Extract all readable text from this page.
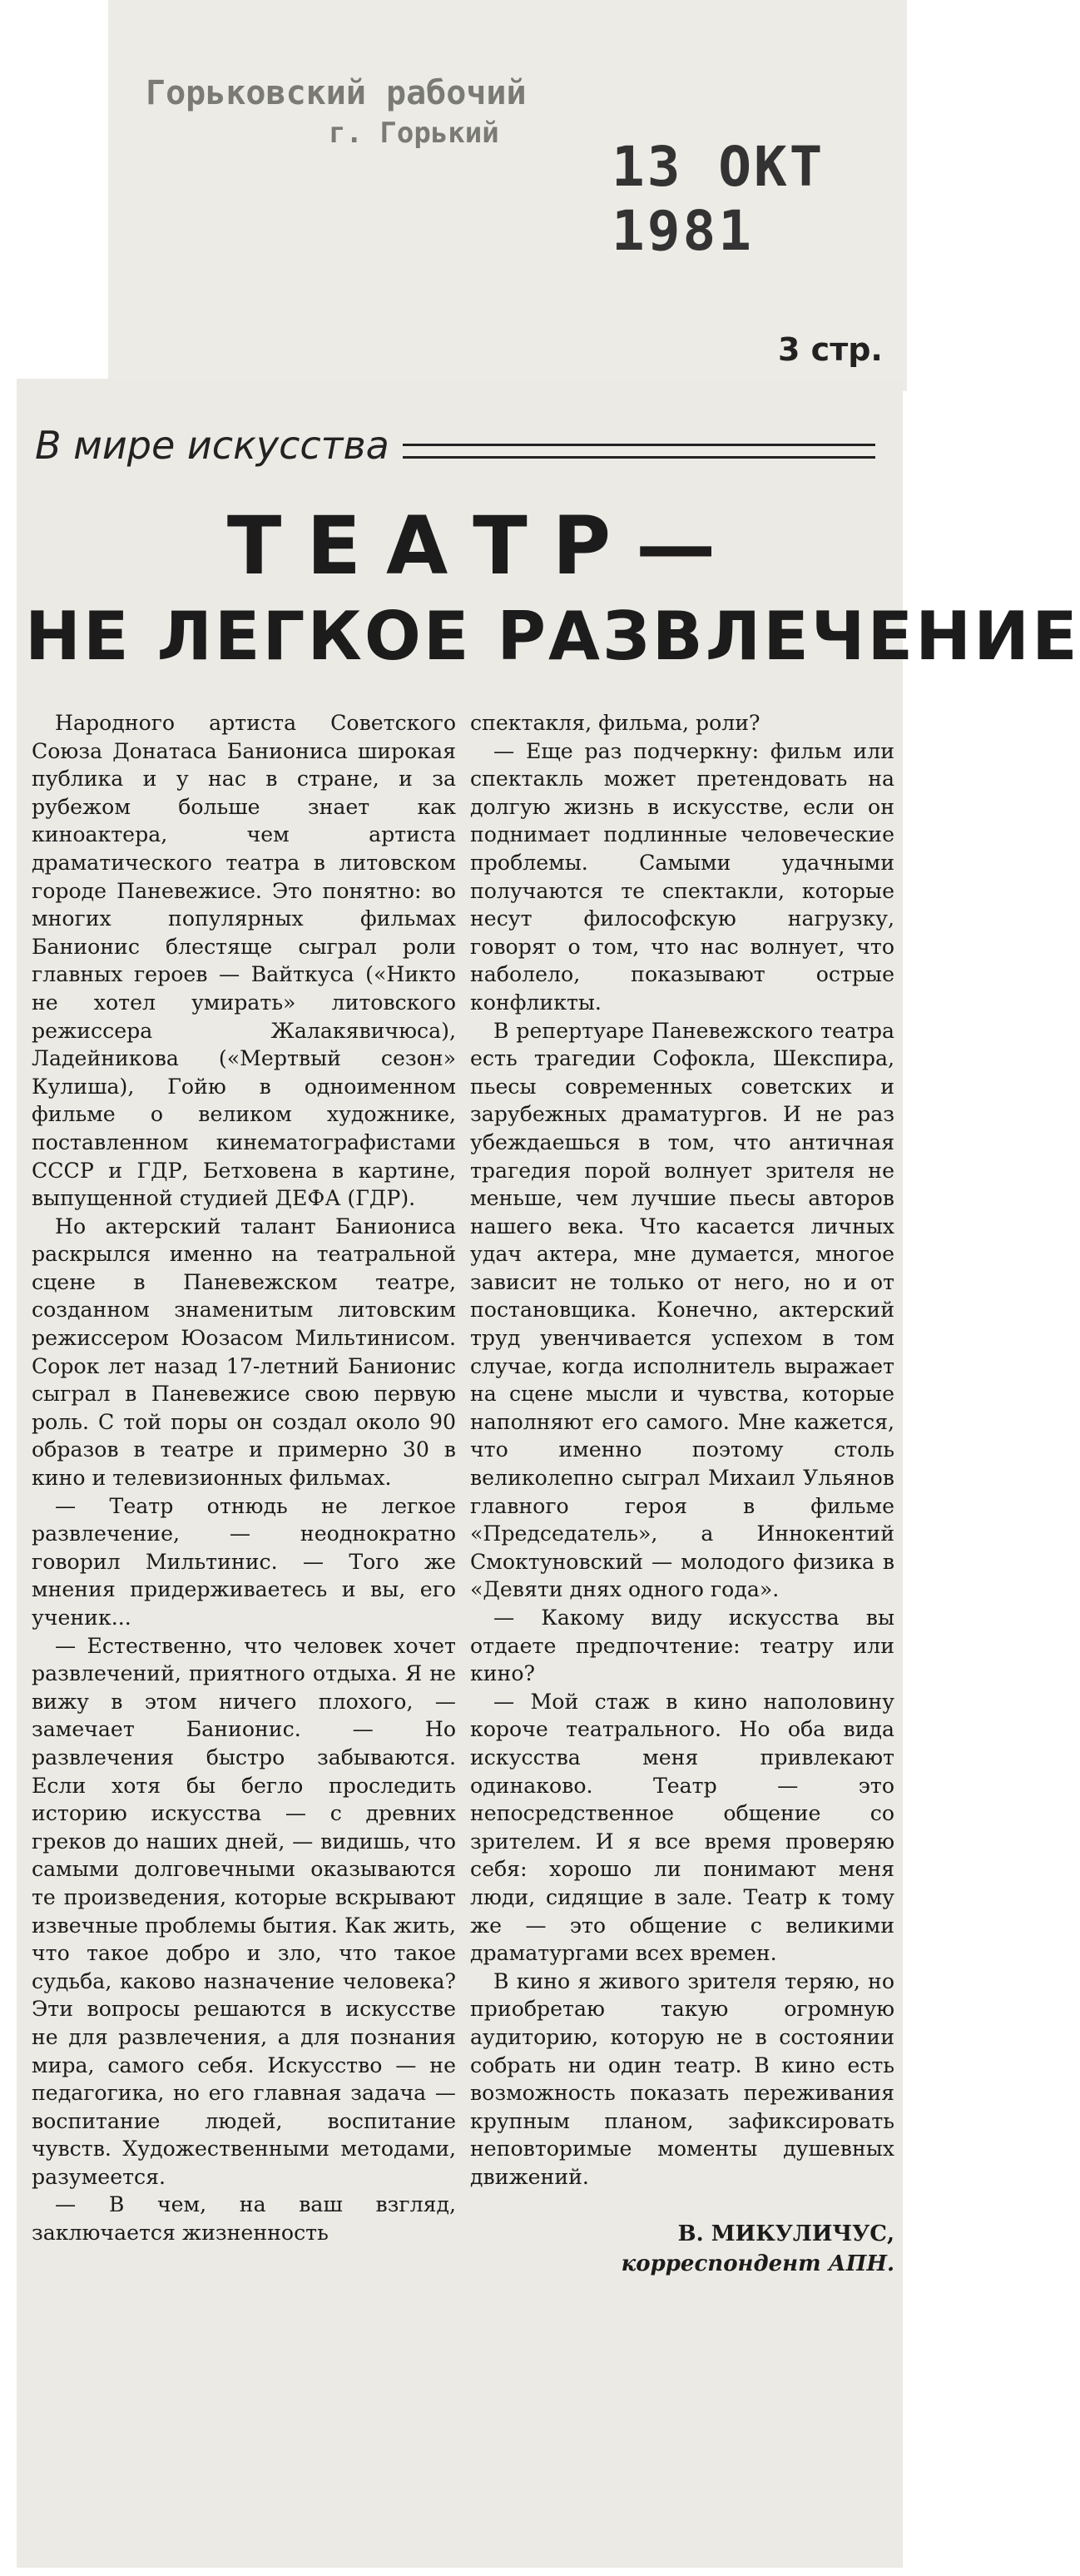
Горьковский рабочий
г. Горький
13 ОКТ 1981
3 стр.
В мире искусства
ТЕАТР—
НЕ ЛЕГКОЕ РАЗВЛЕЧЕНИЕ

Народного артиста Советского Союза Донатаса Баниониса широкая публика и у нас в стране, и за рубежом больше знает как киноактера, чем артиста драматического театра в литовском городе Паневежисе. Это понятно: во многих популярных фильмах Банионис блестяще сыграл роли главных героев — Вайткуса («Никто не хотел умирать» литовского режиссера Жалакявичюса), Ладейникова («Мертвый сезон» Кулиша), Гойю в одноименном фильме о великом художнике, поставленном кинематографистами СССР и ГДР, Бетховена в картине, выпущенной студией ДЕФА (ГДР).

Но актерский талант Баниониса раскрылся именно на театральной сцене в Паневежском театре, созданном знаменитым литовским режиссером Юозасом Мильтинисом. Сорок лет назад 17-летний Банионис сыграл в Паневежисе свою первую роль. С той поры он создал около 90 образов в театре и примерно 30 в кино и телевизионных фильмах.

— Театр отнюдь не легкое развлечение, — неоднократно говорил Мильтинис. — Того же мнения придерживаетесь и вы, его ученик...

— Естественно, что человек хочет развлечений, приятного отдыха. Я не вижу в этом ничего плохого, — замечает Банионис. — Но развлечения быстро забываются. Если хотя бы бегло проследить историю искусства — с древних греков до наших дней, — видишь, что самыми долговечными оказываются те произведения, которые вскрывают извечные проблемы бытия. Как жить, что такое добро и зло, что такое судьба, каково назначение человека? Эти вопросы решаются в искусстве не для развлечения, а для познания мира, самого себя. Искусство — не педагогика, но его главная задача — воспитание людей, воспитание чувств. Художественными методами, разумеется.

— В чем, на ваш взгляд, заключается жизненность

спектакля, фильма, роли?

— Еще раз подчеркну: фильм или спектакль может претендовать на долгую жизнь в искусстве, если он поднимает подлинные человеческие проблемы. Самыми удачными получаются те спектакли, которые несут философскую нагрузку, говорят о том, что нас волнует, что наболело, показывают острые конфликты.

В репертуаре Паневежского театра есть трагедии Софокла, Шекспира, пьесы современных советских и зарубежных драматургов. И не раз убеждаешься в том, что античная трагедия порой волнует зрителя не меньше, чем лучшие пьесы авторов нашего века. Что касается личных удач актера, мне думается, многое зависит не только от него, но и от постановщика. Конечно, актерский труд увенчивается успехом в том случае, когда исполнитель выражает на сцене мысли и чувства, которые наполняют его самого. Мне кажется, что именно поэтому столь великолепно сыграл Михаил Ульянов главного героя в фильме «Председатель», а Иннокентий Смоктуновский — молодого физика в «Девяти днях одного года».

— Какому виду искусства вы отдаете предпочтение: театру или кино?

— Мой стаж в кино наполовину короче театрального. Но оба вида искусства меня привлекают одинаково. Театр — это непосредственное общение со зрителем. И я все время проверяю себя: хорошо ли понимают меня люди, сидящие в зале. Театр к тому же — это общение с великими драматургами всех времен.

В кино я живого зрителя теряю, но приобретаю такую огромную аудиторию, которую не в состоянии собрать ни один театр. В кино есть возможность показать переживания крупным планом, зафиксировать неповторимые моменты душевных движений.

В. МИКУЛИЧУС,
корреспондент АПН.
